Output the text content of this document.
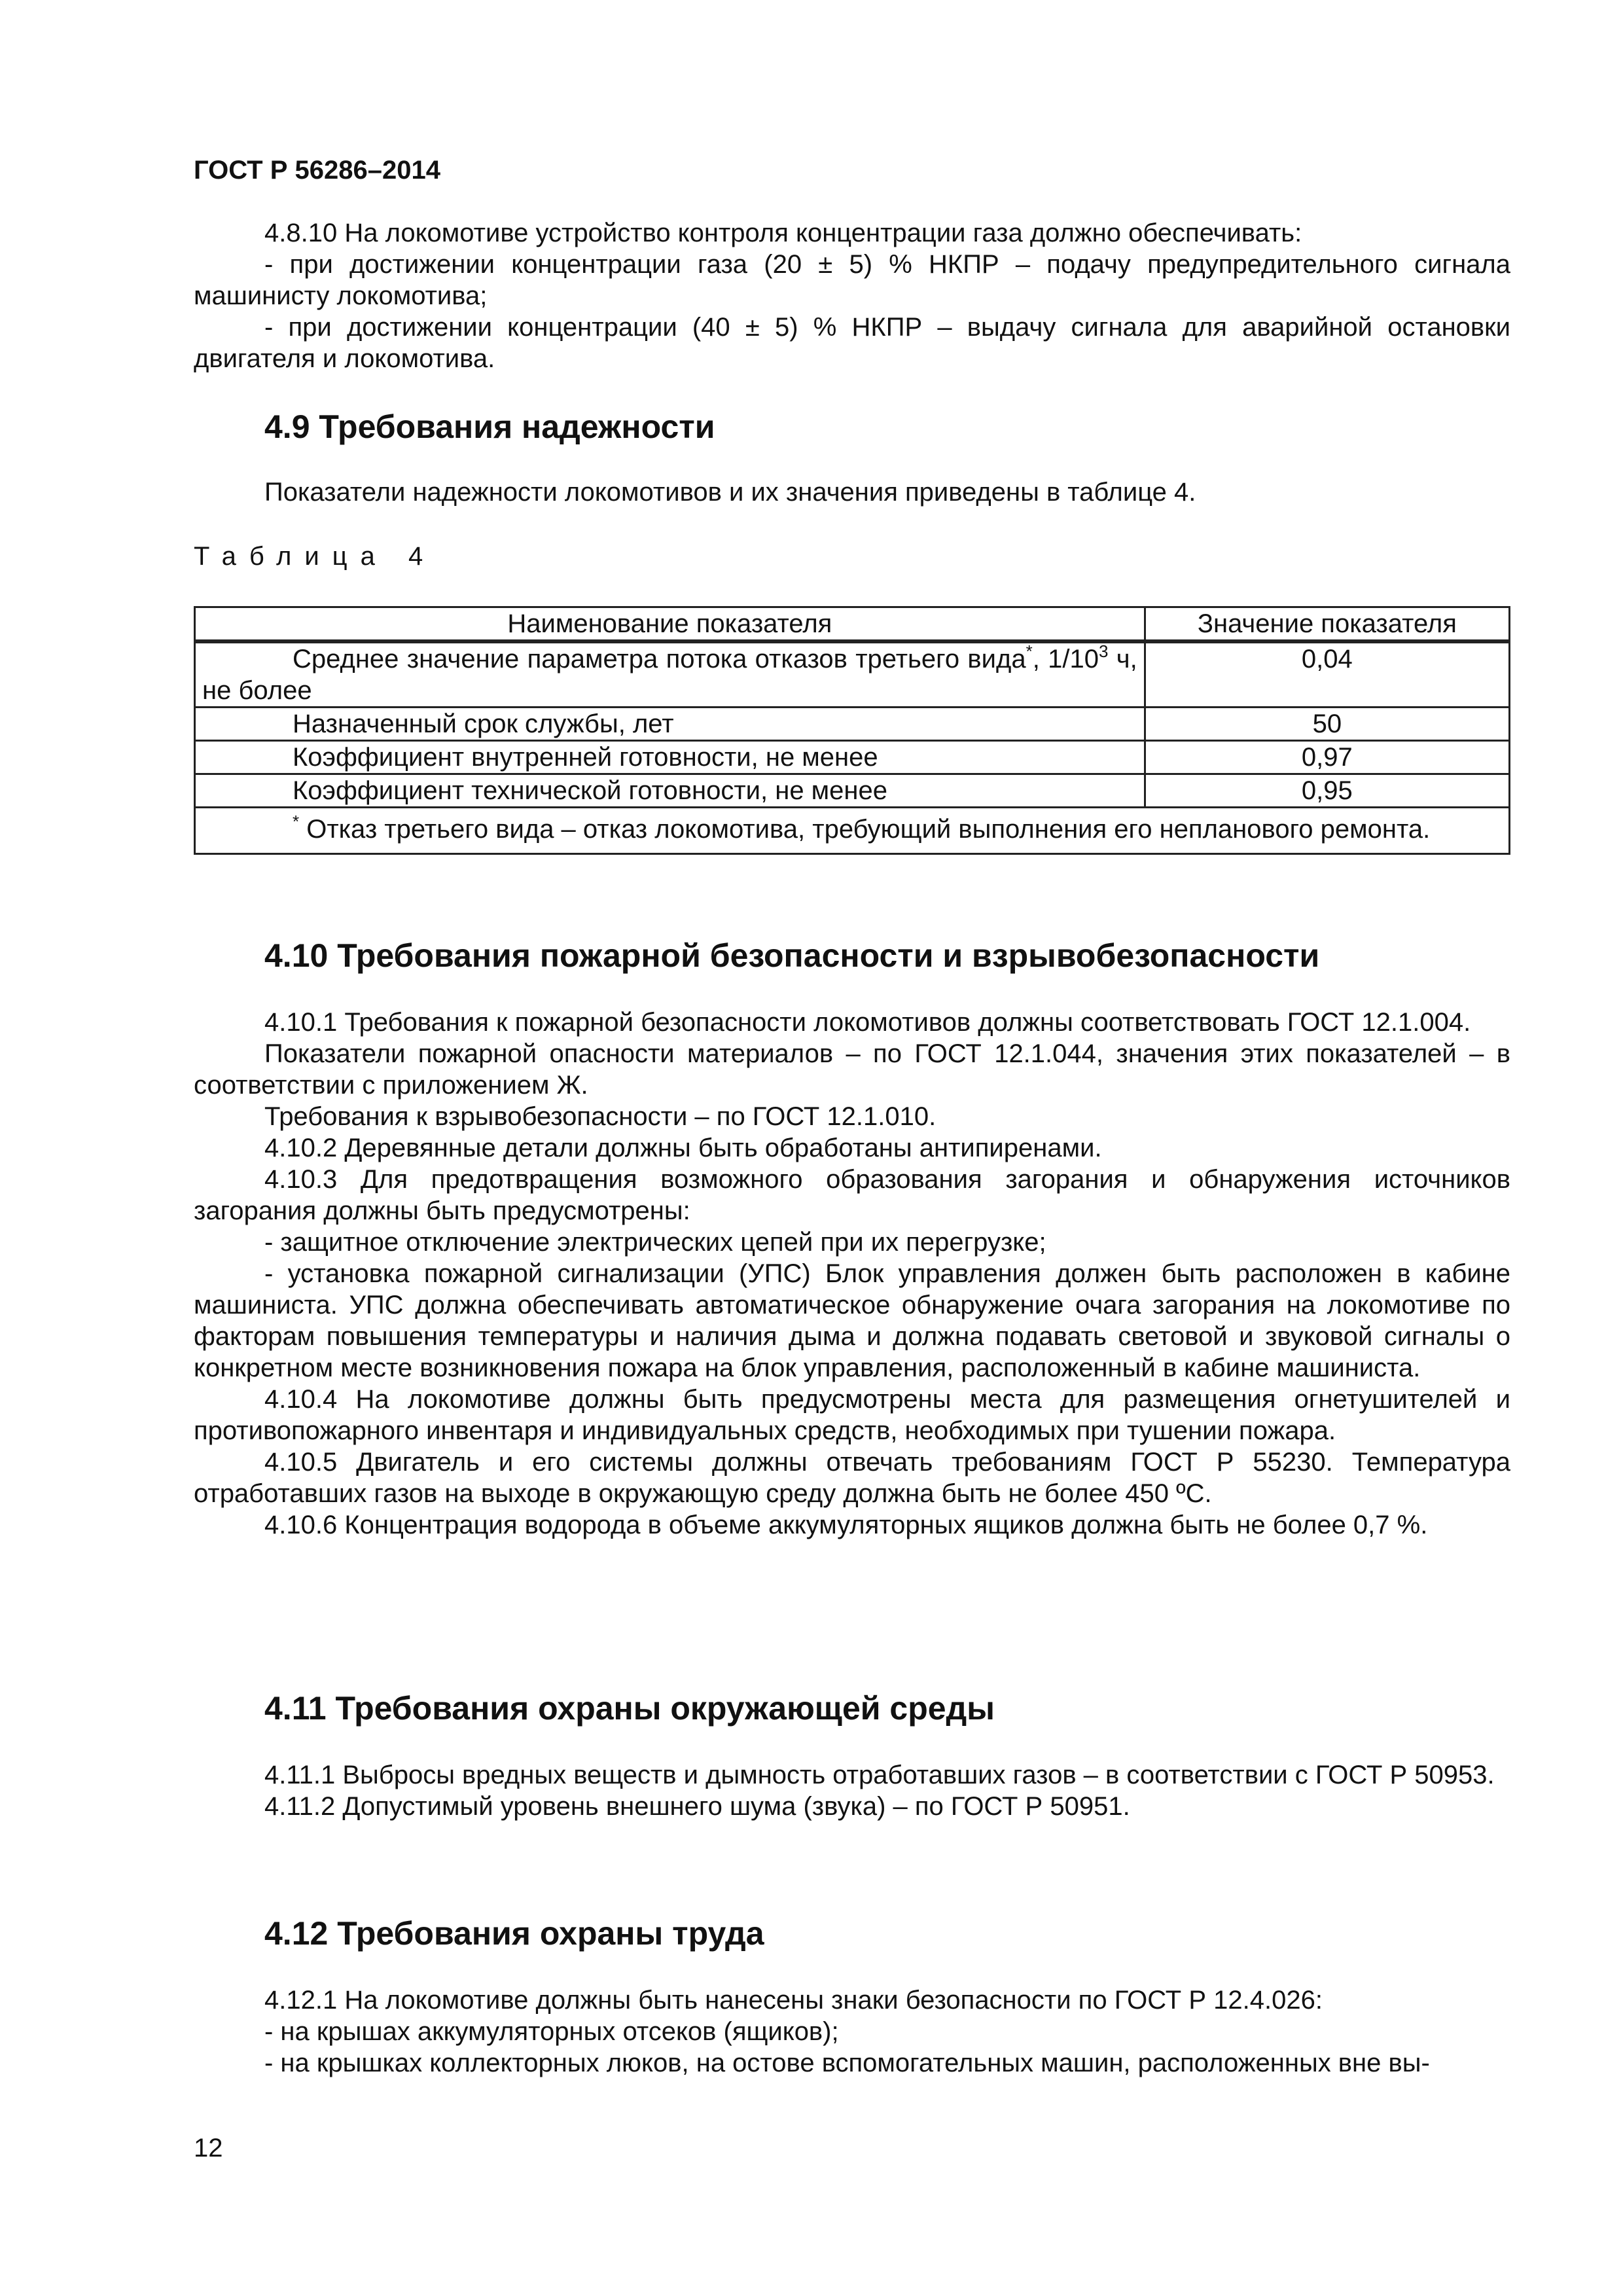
ГОСТ Р 56286–2014

4.8.10 На локомотиве устройство контроля концентрации газа должно обеспечивать:

- при достижении концентрации газа (20 ± 5) % НКПР – подачу предупредительного сигнала машинисту локомотива;

- при достижении концентрации (40 ± 5) % НКПР – выдачу сигнала для аварийной остановки двигателя и локомотива.

4.9 Требования надежности

Показатели надежности локомотивов и их значения приведены в таблице 4.

Таблица 4
Наименование показателя	Значение показателя
Среднее значение параметра потока отказов третьего вида*, $1/10^3$ ч, не более	0,04
Назначенный срок службы, лет	50
Коэффициент внутренней готовности, не менее	0,97
Коэффициент технической готовности, не менее	0,95
* Отказ третьего вида – отказ локомотива, требующий выполнения его непланового ремонта.	
4.10 Требования пожарной безопасности и взрывобезопасности

4.10.1 Требования к пожарной безопасности локомотивов должны соответствовать ГОСТ 12.1.004.

Показатели пожарной опасности материалов – по ГОСТ 12.1.044, значения этих показателей – в соответствии с приложением Ж.

Требования к взрывобезопасности – по ГОСТ 12.1.010.

4.10.2 Деревянные детали должны быть обработаны антипиренами.

4.10.3 Для предотвращения возможного образования загорания и обнаружения источников загорания должны быть предусмотрены:

- защитное отключение электрических цепей при их перегрузке;

- установка пожарной сигнализации (УПС) Блок управления должен быть расположен в кабине машиниста. УПС должна обеспечивать автоматическое обнаружение очага загорания на локомотиве по факторам повышения температуры и наличия дыма и должна подавать световой и звуковой сигналы о конкретном месте возникновения пожара на блок управления, расположенный в кабине машиниста.

4.10.4 На локомотиве должны быть предусмотрены места для размещения огнетушителей и противопожарного инвентаря и индивидуальных средств, необходимых при тушении пожара.

4.10.5 Двигатель и его системы должны отвечать требованиям ГОСТ Р 55230. Температура отработавших газов на выходе в окружающую среду должна быть не более 450 ºС.

4.10.6 Концентрация водорода в объеме аккумуляторных ящиков должна быть не более 0,7 %.

4.11 Требования охраны окружающей среды

4.11.1 Выбросы вредных веществ и дымность отработавших газов – в соответствии с ГОСТ Р 50953.

4.11.2 Допустимый уровень внешнего шума (звука) – по ГОСТ Р 50951.

4.12 Требования охраны труда

4.12.1 На локомотиве должны быть нанесены знаки безопасности по ГОСТ Р 12.4.026:

- на крышах аккумуляторных отсеков (ящиков);

- на крышках коллекторных люков, на остове вспомогательных машин, расположенных вне вы-

12
